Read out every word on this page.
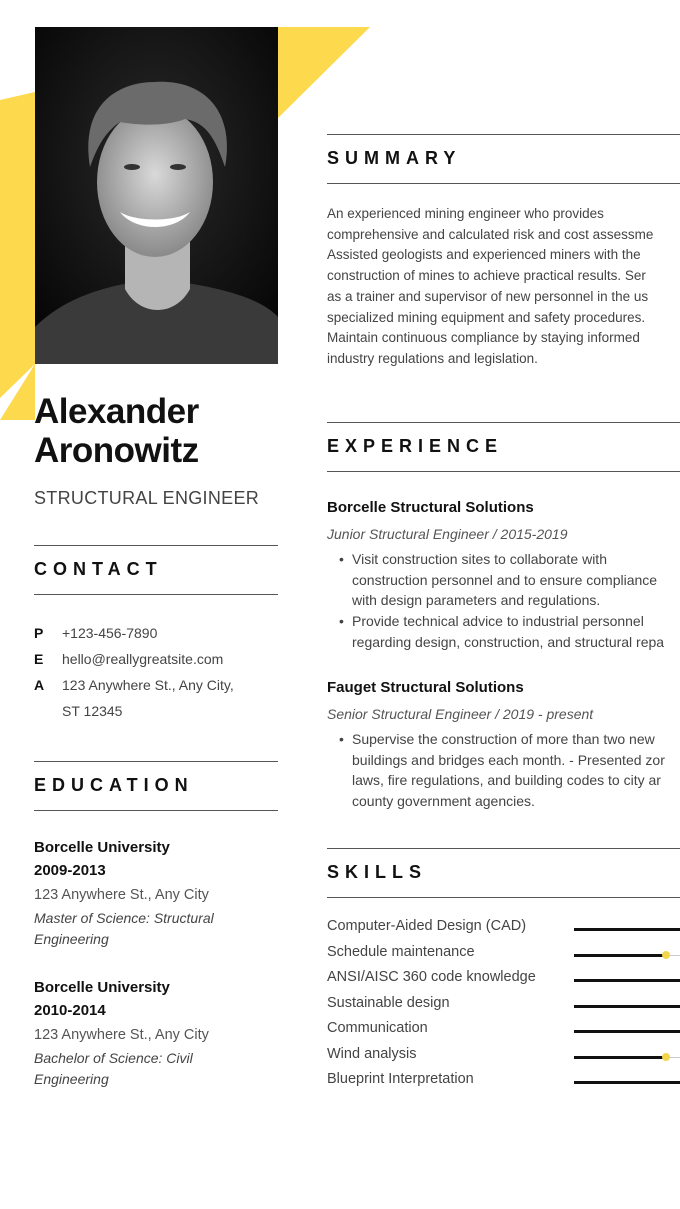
Alexander
Aronowitz
STRUCTURAL ENGINEER
CONTACT
P +123-456-7890
E hello@reallygreatsite.com
A 123 Anywhere St., Any City,
ST 12345
EDUCATION
Borcelle University
2009-2013
123 Anywhere St., Any City
Master of Science: Structural
Engineering
Borcelle University
2010-2014
123 Anywhere St., Any City
Bachelor of Science: Civil
Engineering
SUMMARY
An experienced mining engineer who provides
comprehensive and calculated risk and cost assessme
Assisted geologists and experienced miners with the
construction of mines to achieve practical results. Ser
as a trainer and supervisor of new personnel in the us
specialized mining equipment and safety procedures.
Maintain continuous compliance by staying informed
industry regulations and legislation.
EXPERIENCE
Borcelle Structural Solutions
Junior Structural Engineer / 2015-2019
• Visit construction sites to collaborate with
construction personnel and to ensure compliance
with design parameters and regulations.
• Provide technical advice to industrial personnel
regarding design, construction, and structural repa
Fauget Structural Solutions
Senior Structural Engineer / 2019 - present
• Supervise the construction of more than two new
buildings and bridges each month. - Presented zor
laws, fire regulations, and building codes to city ar
county government agencies.
SKILLS
Computer-Aided Design (CAD)
Schedule maintenance
ANSI/AISC 360 code knowledge
Sustainable design
Communication
Wind analysis
Blueprint Interpretation
